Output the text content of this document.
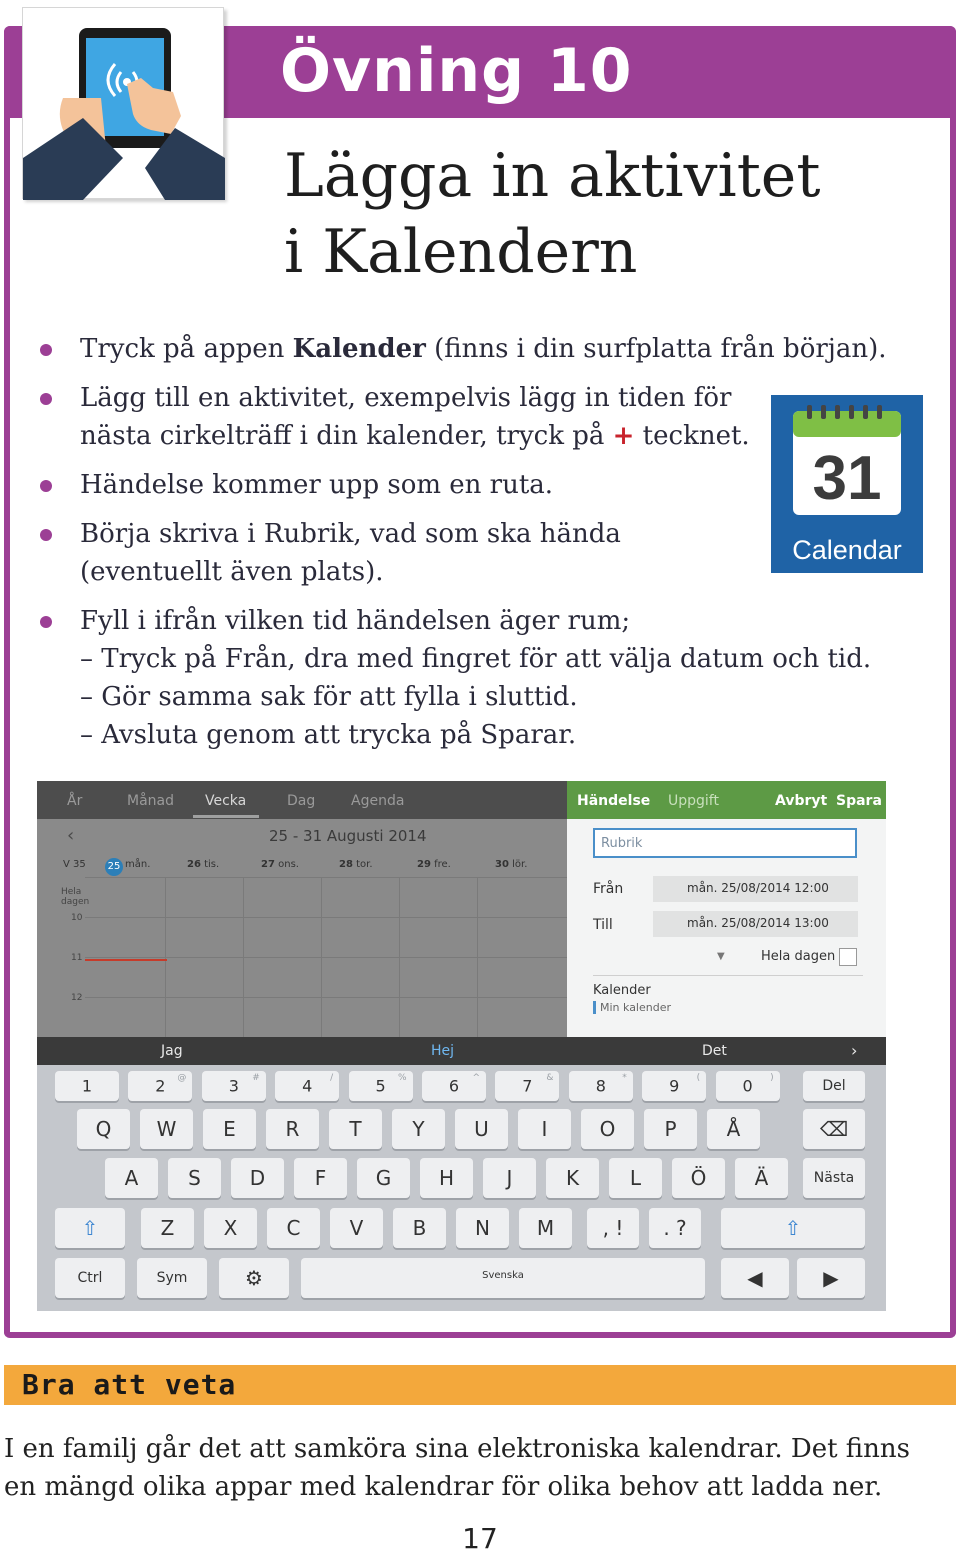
Övning 10
Lägga in aktivitet
i Kalendern
Tryck på appen Kalender (finns i din surfplatta från början).
Lägg till en aktivitet, exempelvis lägg in tiden för
nästa cirkelträff i din kalender, tryck på + tecknet.
Händelse kommer upp som en ruta.
Börja skriva i Rubrik, vad som ska hända
(eventuellt även plats).
Fyll i ifrån vilken tid händelsen äger rum;
– Tryck på Från, dra med fingret för att välja datum och tid.
– Gör samma sak för att fylla i sluttid.
– Avsluta genom att trycka på Sparar.
31
Calendar
År	Månad Vecka	Dag	Agenda
‹	25 - 31 Augusti 2014
V 35 25 mån.	26 tis.	27 ons.	28 tor.	29 fre.	30 lör.
Hela dagen
10
11
12
Händelse Uppgift	Avbryt Spara
Rubrik
Från	mån. 25/08/2014 12:00
Till	mån. 25/08/2014 13:00
▼	Hela dagen
Kalender
Min kalender
Jag	Hej	Det	›
1	2	@	3	#	4	/	5	%	6	^	7	&	8	*	9	(	0	)	Del
Q	W	E	R	T	Y	U	I	O	P	Å	⌫
A	S	D	F	G	H	J	K	L	Ö	Ä	Nästa
⇧	Z	X	C	V	B	N	M	, !	. ?	⇧
Ctrl	Sym	⚙	Svenska	◀	▶
Bra att veta
I en familj går det att samköra sina elektroniska kalendrar. Det finns
en mängd olika appar med kalendrar för olika behov att ladda ner.
17
